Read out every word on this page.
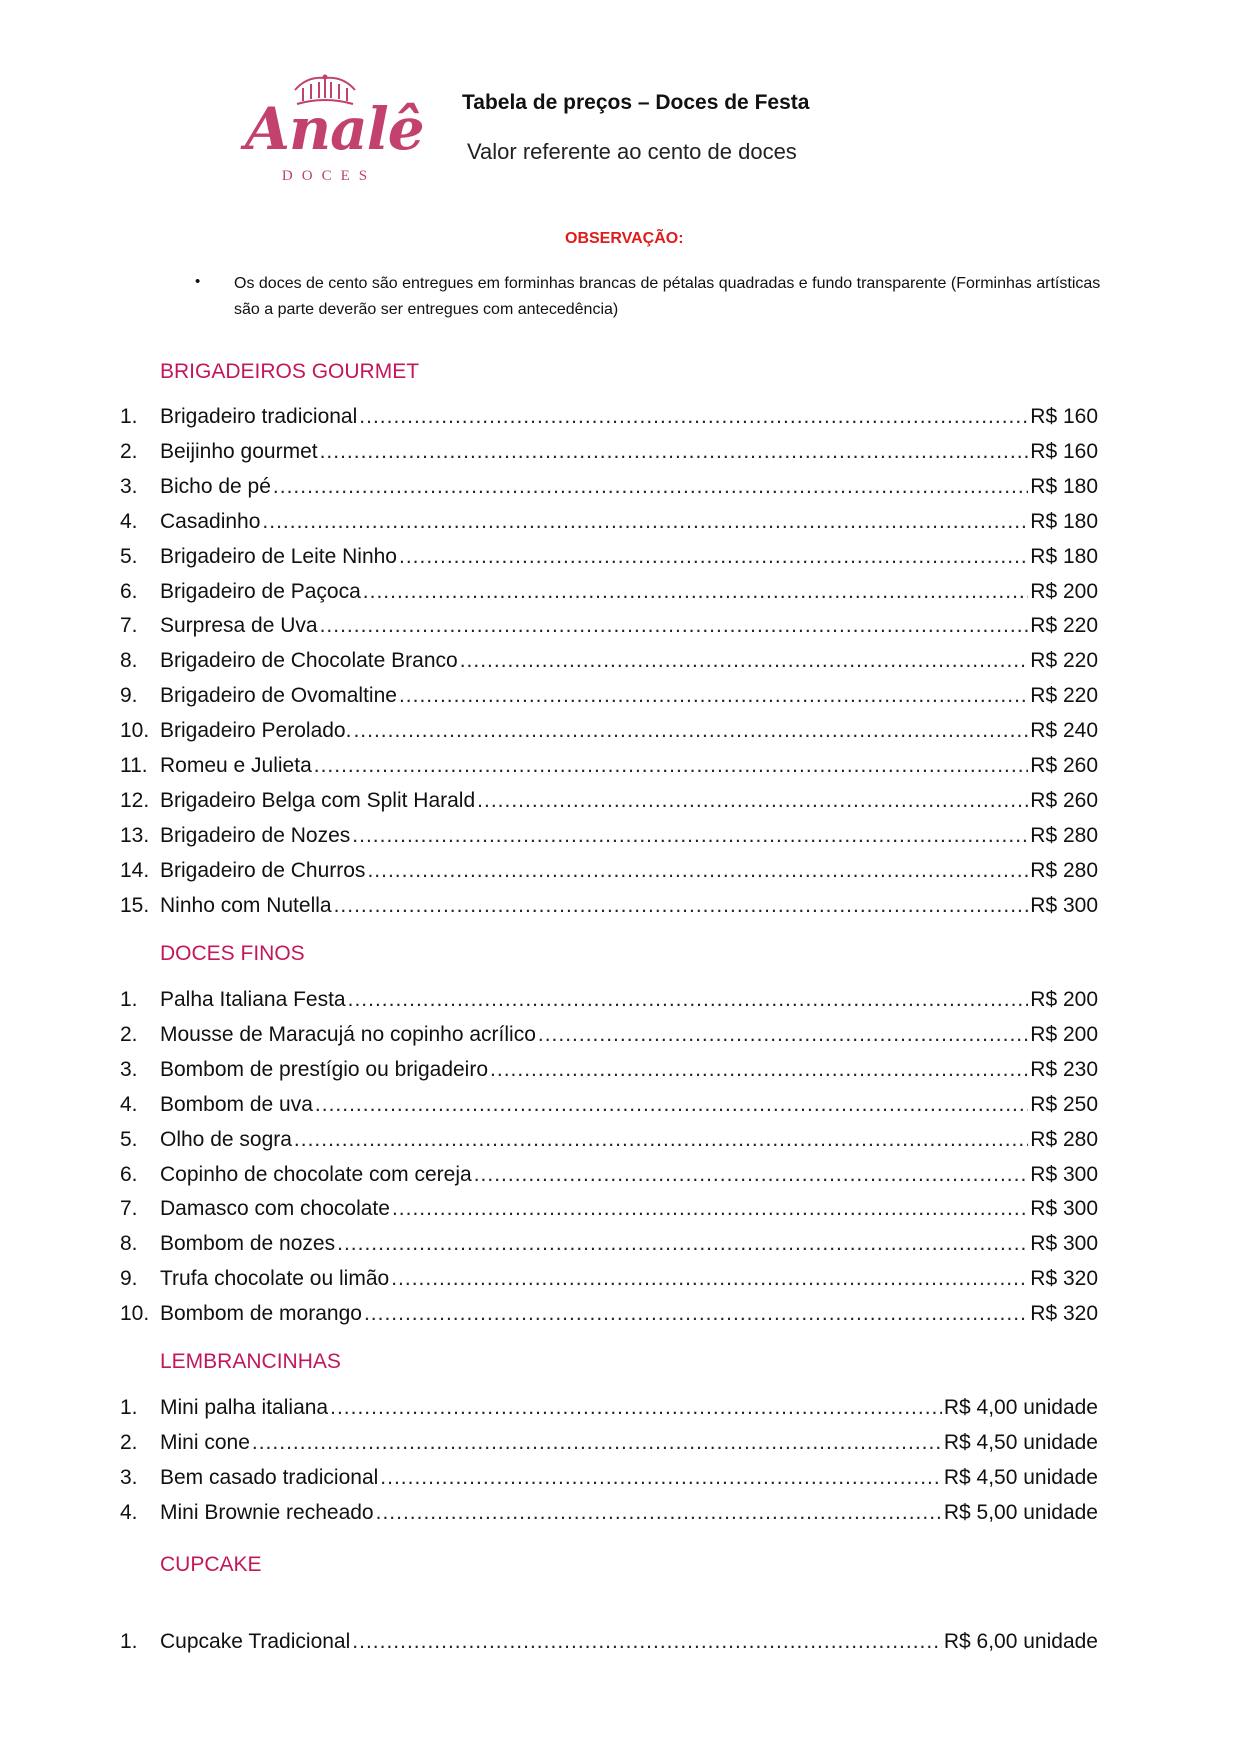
Analê
DOCES
Tabela de preços – Doces de Festa
Valor referente ao cento de doces
OBSERVAÇÃO:
• Os doces de cento são entregues em forminhas brancas de pétalas quadradas e fundo transparente (Forminhas artísticas são a parte deverão ser entregues com antecedência)
BRIGADEIROS GOURMET
1.	Brigadeiro tradicional .....	R$ 160
2.	Beijinho gourmet .....	R$ 160
3.	Bicho de pé .....	R$ 180
4.	Casadinho .....	R$ 180
5.	Brigadeiro de Leite Ninho .....	R$ 180
6.	Brigadeiro de Paçoca .....	R$ 200
7.	Surpresa de Uva .....	R$ 220
8.	Brigadeiro de Chocolate Branco .....	R$ 220
9.	Brigadeiro de Ovomaltine .....	R$ 220
10. Brigadeiro Perolado. .....	R$ 240
11. Romeu e Julieta .....	R$ 260
12. Brigadeiro Belga com Split Harald .....	R$ 260
13. Brigadeiro de Nozes .....	R$ 280
14. Brigadeiro de Churros .....	R$ 280
15. Ninho com Nutella .....	R$ 300
DOCES FINOS
1.	Palha Italiana Festa .....	R$ 200
2.	Mousse de Maracujá no copinho acrílico .....	R$ 200
3.	Bombom de prestígio ou brigadeiro .....	R$ 230
4.	Bombom de uva .....	R$ 250
5.	Olho de sogra .....	R$ 280
6.	Copinho de chocolate com cereja .....	R$ 300
7.	Damasco com chocolate .....	R$ 300
8.	Bombom de nozes .....	R$ 300
9.	Trufa chocolate ou limão .....	R$ 320
10. Bombom de morango .....	R$ 320
LEMBRANCINHAS
1.	Mini palha italiana .....	R$ 4,00 unidade
2.	Mini cone .....	R$ 4,50 unidade
3.	Bem casado tradicional .....	R$ 4,50 unidade
4.	Mini Brownie recheado .....	R$ 5,00 unidade
CUPCAKE
1.	Cupcake Tradicional .....	R$ 6,00 unidade
